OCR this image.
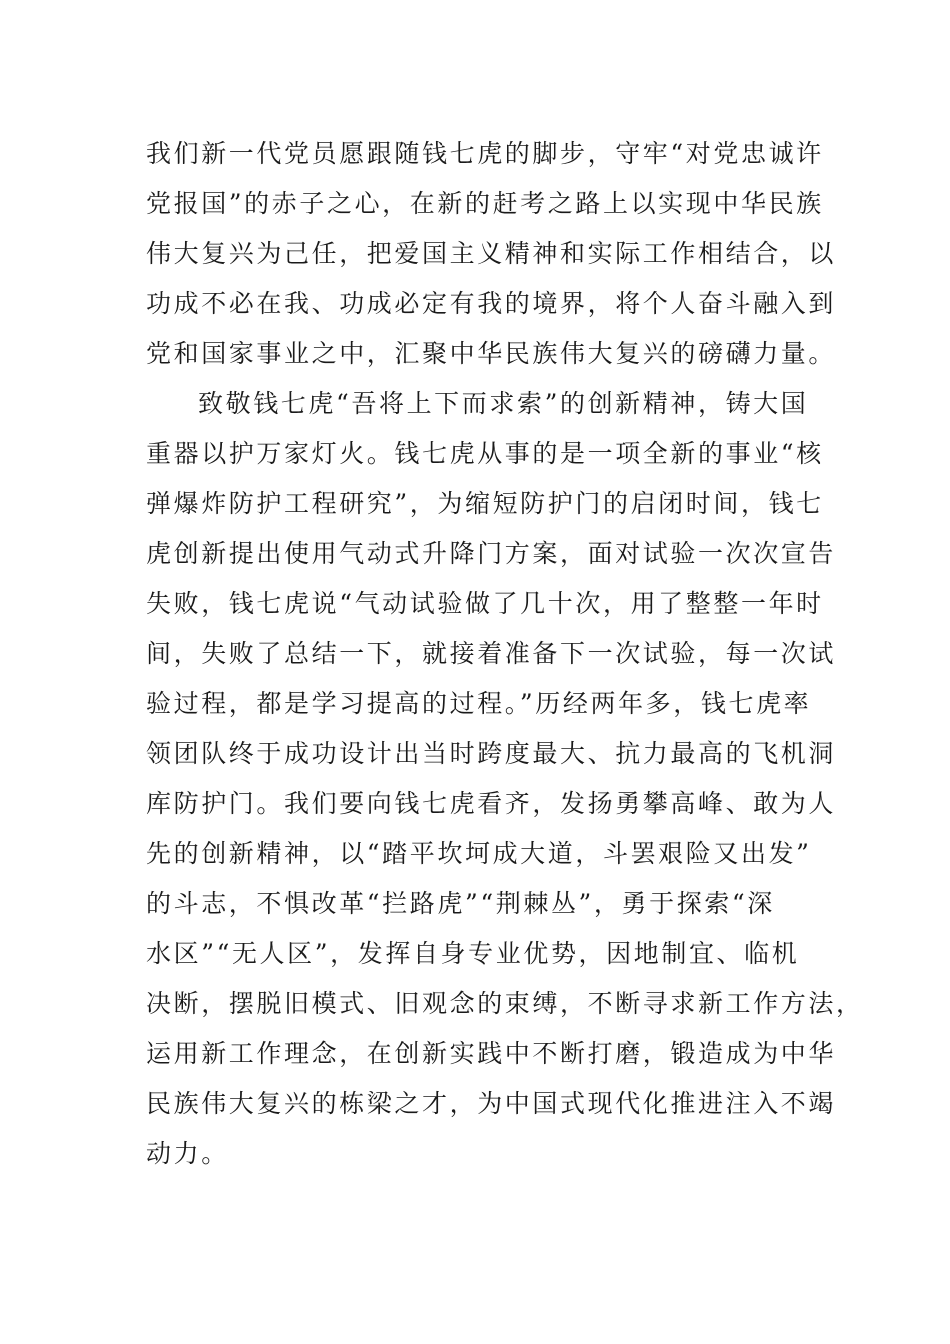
我们新一代党员愿跟随钱七虎的脚步，守牢“对党忠诚许
党报国”的赤子之心，在新的赶考之路上以实现中华民族
伟大复兴为己任，把爱国主义精神和实际工作相结合，以
功成不必在我、功成必定有我的境界，将个人奋斗融入到
党和国家事业之中，汇聚中华民族伟大复兴的磅礴力量。
致敬钱七虎“吾将上下而求索”的创新精神，铸大国
重器以护万家灯火。钱七虎从事的是一项全新的事业“核
弹爆炸防护工程研究”，为缩短防护门的启闭时间，钱七
虎创新提出使用气动式升降门方案，面对试验一次次宣告
失败，钱七虎说“气动试验做了几十次，用了整整一年时
间，失败了总结一下，就接着准备下一次试验，每一次试
验过程，都是学习提高的过程。”历经两年多，钱七虎率
领团队终于成功设计出当时跨度最大、抗力最高的飞机洞
库防护门。我们要向钱七虎看齐，发扬勇攀高峰、敢为人
先的创新精神，以“踏平坎坷成大道，斗罢艰险又出发”
的斗志，不惧改革“拦路虎”“荆棘丛”，勇于探索“深
水区”“无人区”，发挥自身专业优势，因地制宜、临机
决断，摆脱旧模式、旧观念的束缚，不断寻求新工作方法，
运用新工作理念，在创新实践中不断打磨，锻造成为中华
民族伟大复兴的栋梁之才，为中国式现代化推进注入不竭
动力。
